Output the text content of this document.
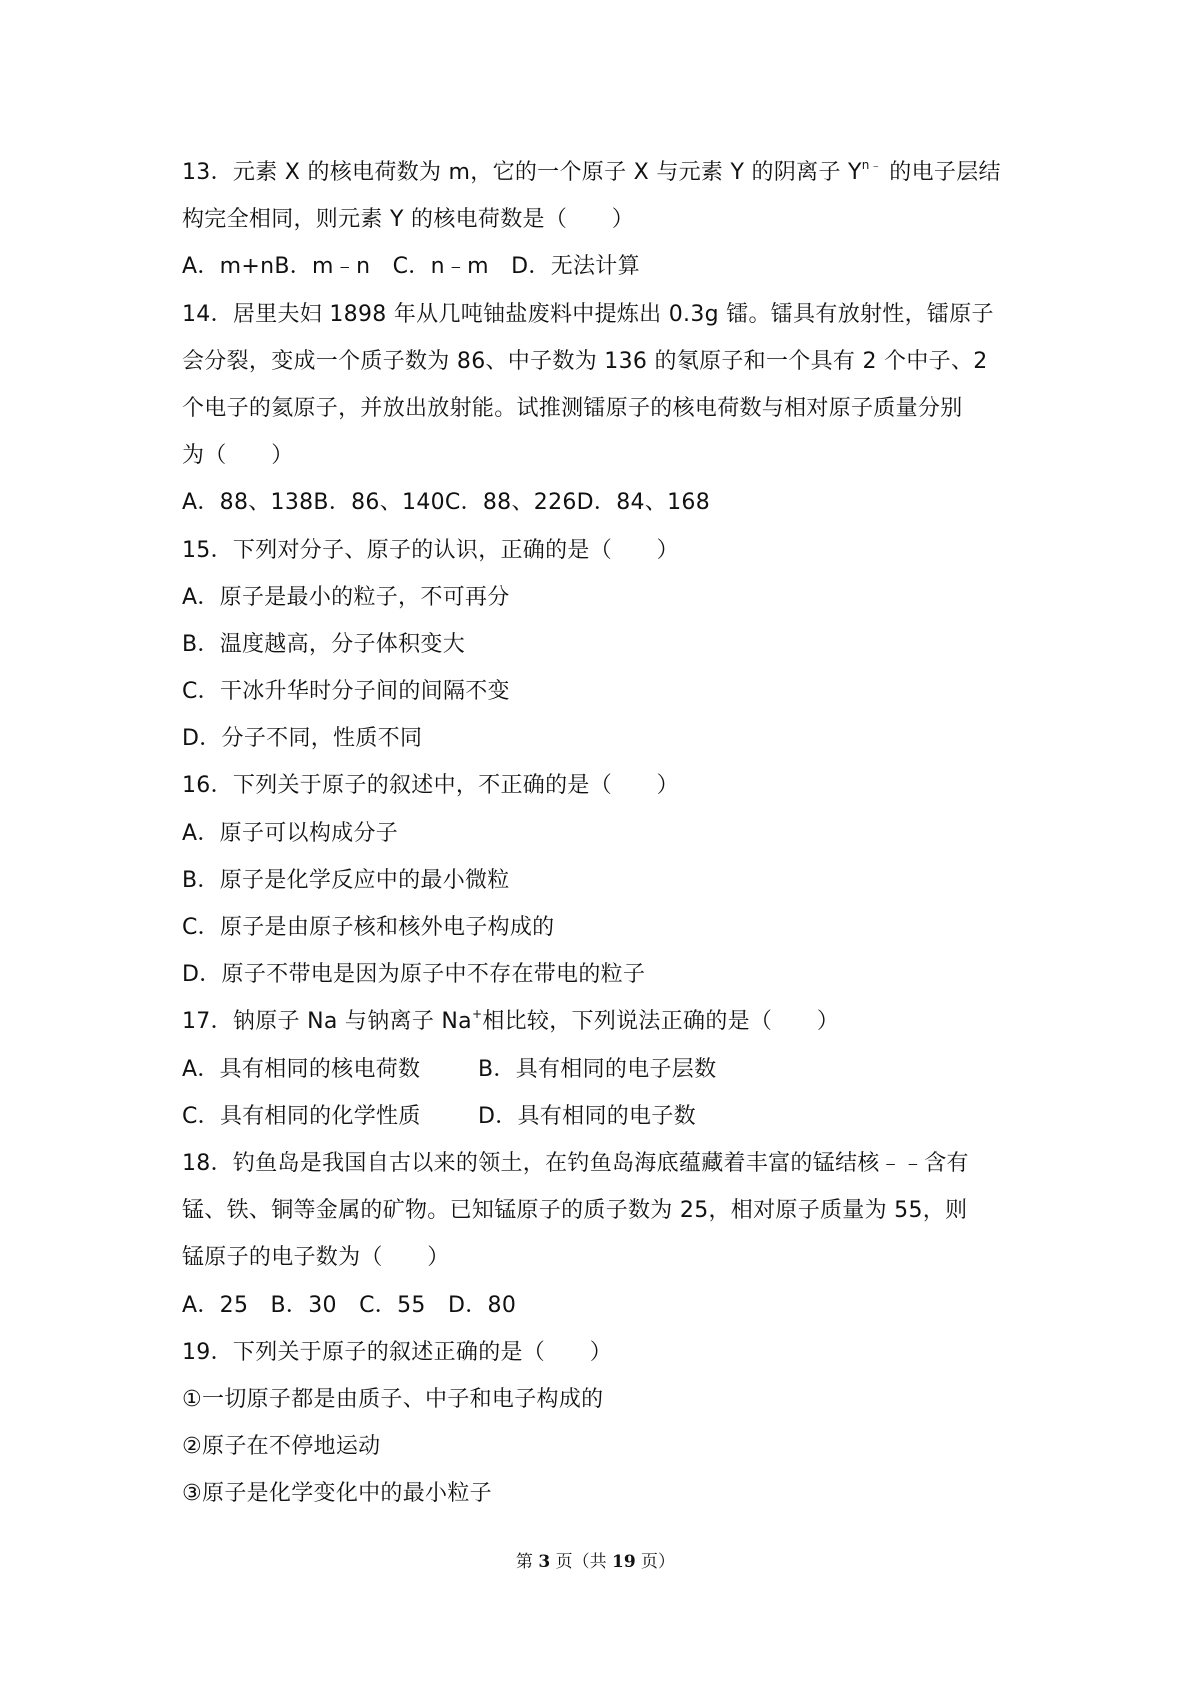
13．元素 X 的核电荷数为 m，它的一个原子 X 与元素 Y 的阴离子 $Y^{n﹣}$ 的电子层结
构完全相同，则元素 Y 的核电荷数是（　　）
A．m+nB．m﹣n　C．n﹣m　D．无法计算
14．居里夫妇 1898 年从几吨铀盐废料中提炼出 0.3g 镭。镭具有放射性，镭原子
会分裂，变成一个质子数为 86、中子数为 136 的氡原子和一个具有 2 个中子、2
个电子的氦原子，并放出放射能。试推测镭原子的核电荷数与相对原子质量分别
为（　　）
A．88、138B．86、140C．88、226D．84、168
15．下列对分子、原子的认识，正确的是（　　）
A．原子是最小的粒子，不可再分
B．温度越高，分子体积变大
C．干冰升华时分子间的间隔不变
D．分子不同，性质不同
16．下列关于原子的叙述中，不正确的是（　　）
A．原子可以构成分子
B．原子是化学反应中的最小微粒
C．原子是由原子核和核外电子构成的
D．原子不带电是因为原子中不存在带电的粒子
17．钠原子 Na 与钠离子 Na+相比较，下列说法正确的是（　　）
A．具有相同的核电荷数	B．具有相同的电子层数
C．具有相同的化学性质	D．具有相同的电子数
18．钓鱼岛是我国自古以来的领土，在钓鱼岛海底蕴藏着丰富的锰结核﹣﹣含有
锰、铁、铜等金属的矿物。已知锰原子的质子数为 25，相对原子质量为 55，则
锰原子的电子数为（　　）
A．25　B．30　C．55　D．80
19．下列关于原子的叙述正确的是（　　）
①一切原子都是由质子、中子和电子构成的
②原子在不停地运动
③原子是化学变化中的最小粒子
第 3 页（共 19 页）
